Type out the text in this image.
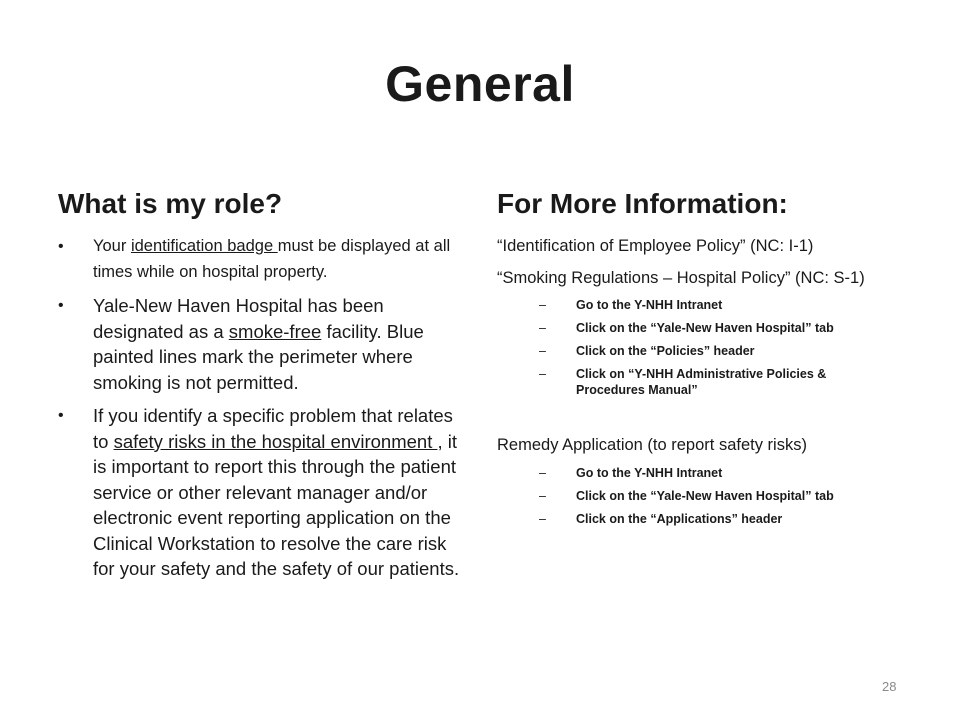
General
What is my role?	For More Information:
• Your identification badge must be displayed at all times while on hospital property.
• Yale-New Haven Hospital has been designated as a smoke-free facility. Blue painted lines mark the perimeter where smoking is not permitted.
• If you identify a specific problem that relates to safety risks in the hospital environment , it is important to report this through the patient service or other relevant manager and/or electronic event reporting application on the Clinical Workstation to resolve the care risk for your safety and the safety of our patients.

“Identification of Employee Policy” (NC: I-1)

“Smoking Regulations – Hospital Policy” (NC: S-1)

– Go to the Y-NHH Intranet
– Click on the “Yale-New Haven Hospital” tab
– Click on the “Policies” header
– Click on “Y-NHH Administrative Policies & Procedures Manual”

Remedy Application (to report safety risks)

– Go to the Y-NHH Intranet
– Click on the “Yale-New Haven Hospital” tab
– Click on the “Applications” header
28
